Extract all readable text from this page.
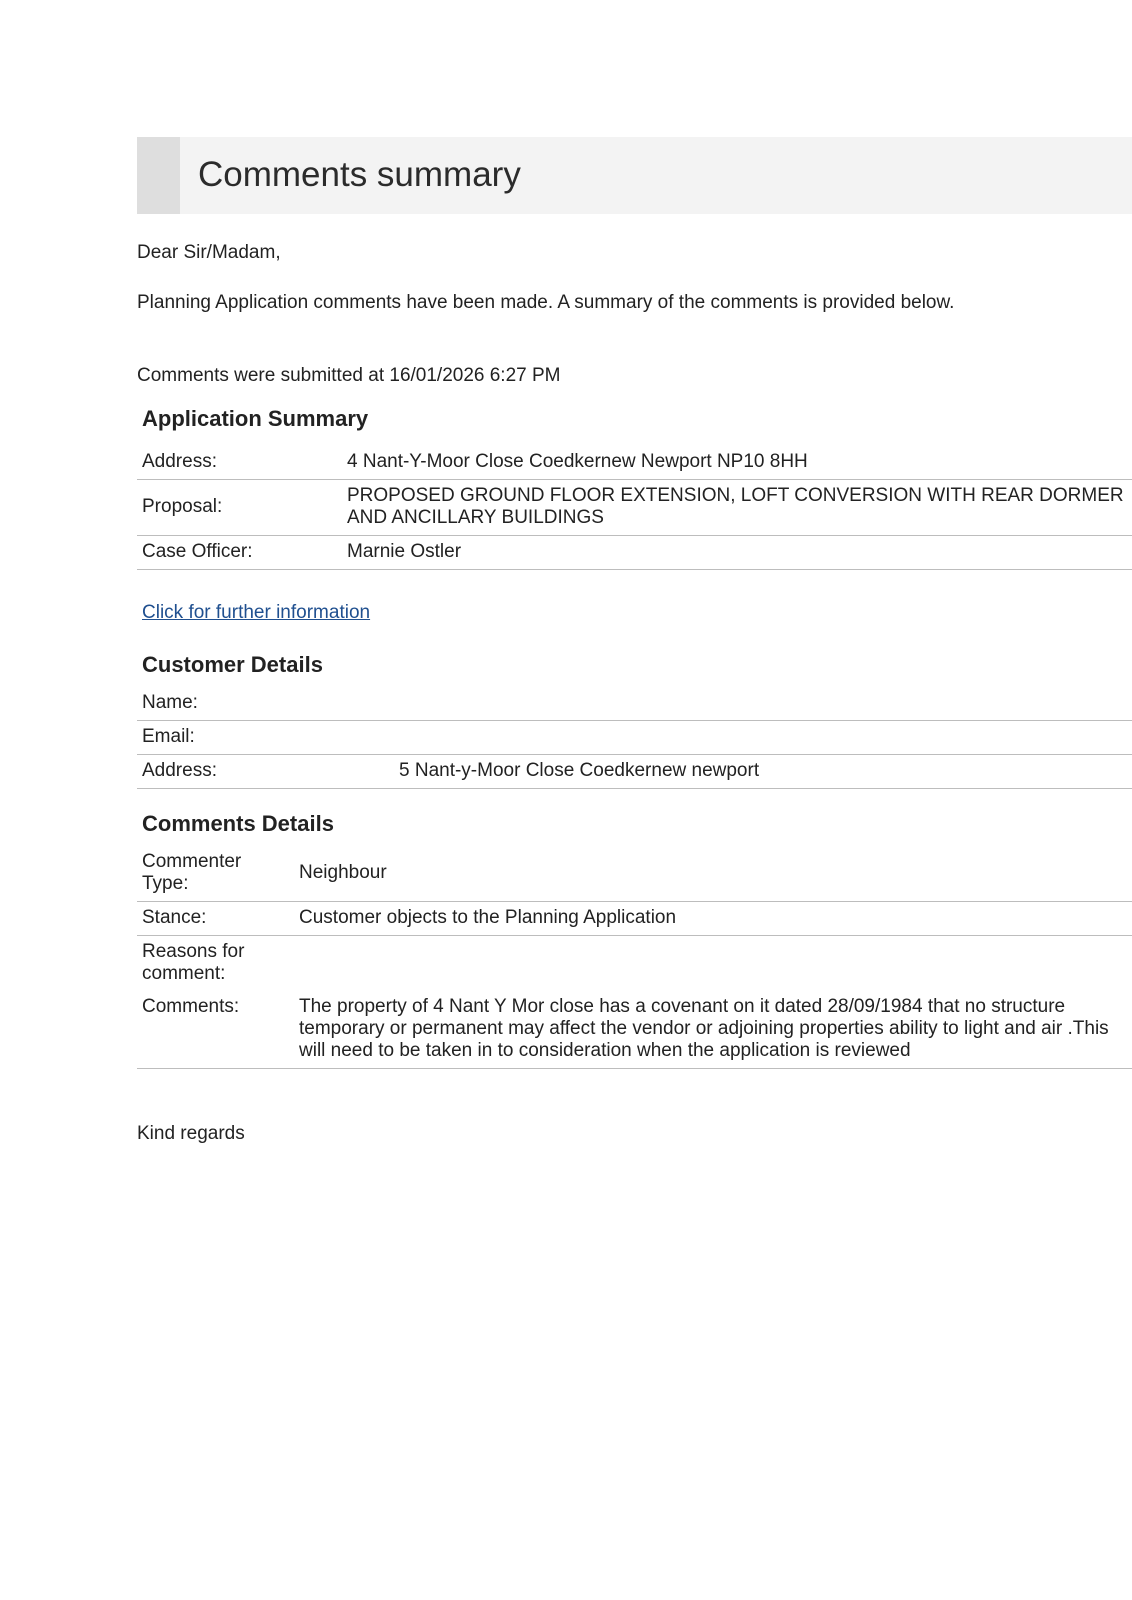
Comments summary

Dear Sir/Madam,

Planning Application comments have been made. A summary of the comments is provided below.

Comments were submitted at 16/01/2026 6:27 PM

Application Summary
Address:	4 Nant-Y-Moor Close Coedkernew Newport NP10 8HH
Proposal:	PROPOSED GROUND FLOOR EXTENSION, LOFT CONVERSION WITH REAR DORMER AND ANCILLARY BUILDINGS
Case Officer:	Marnie Ostler
Click for further information
Customer Details
Name:	
Email:	
Address:	5 Nant-y-Moor Close Coedkernew newport
Comments Details
Commenter Type:	Neighbour
Stance:	Customer objects to the Planning Application
Reasons for comment:	
Comments:	The property of 4 Nant Y Mor close has a covenant on it dated 28/09/1984 that no structure temporary or permanent may affect the vendor or adjoining properties ability to light and air .This will need to be taken in to consideration when the application is reviewed

Kind regards
